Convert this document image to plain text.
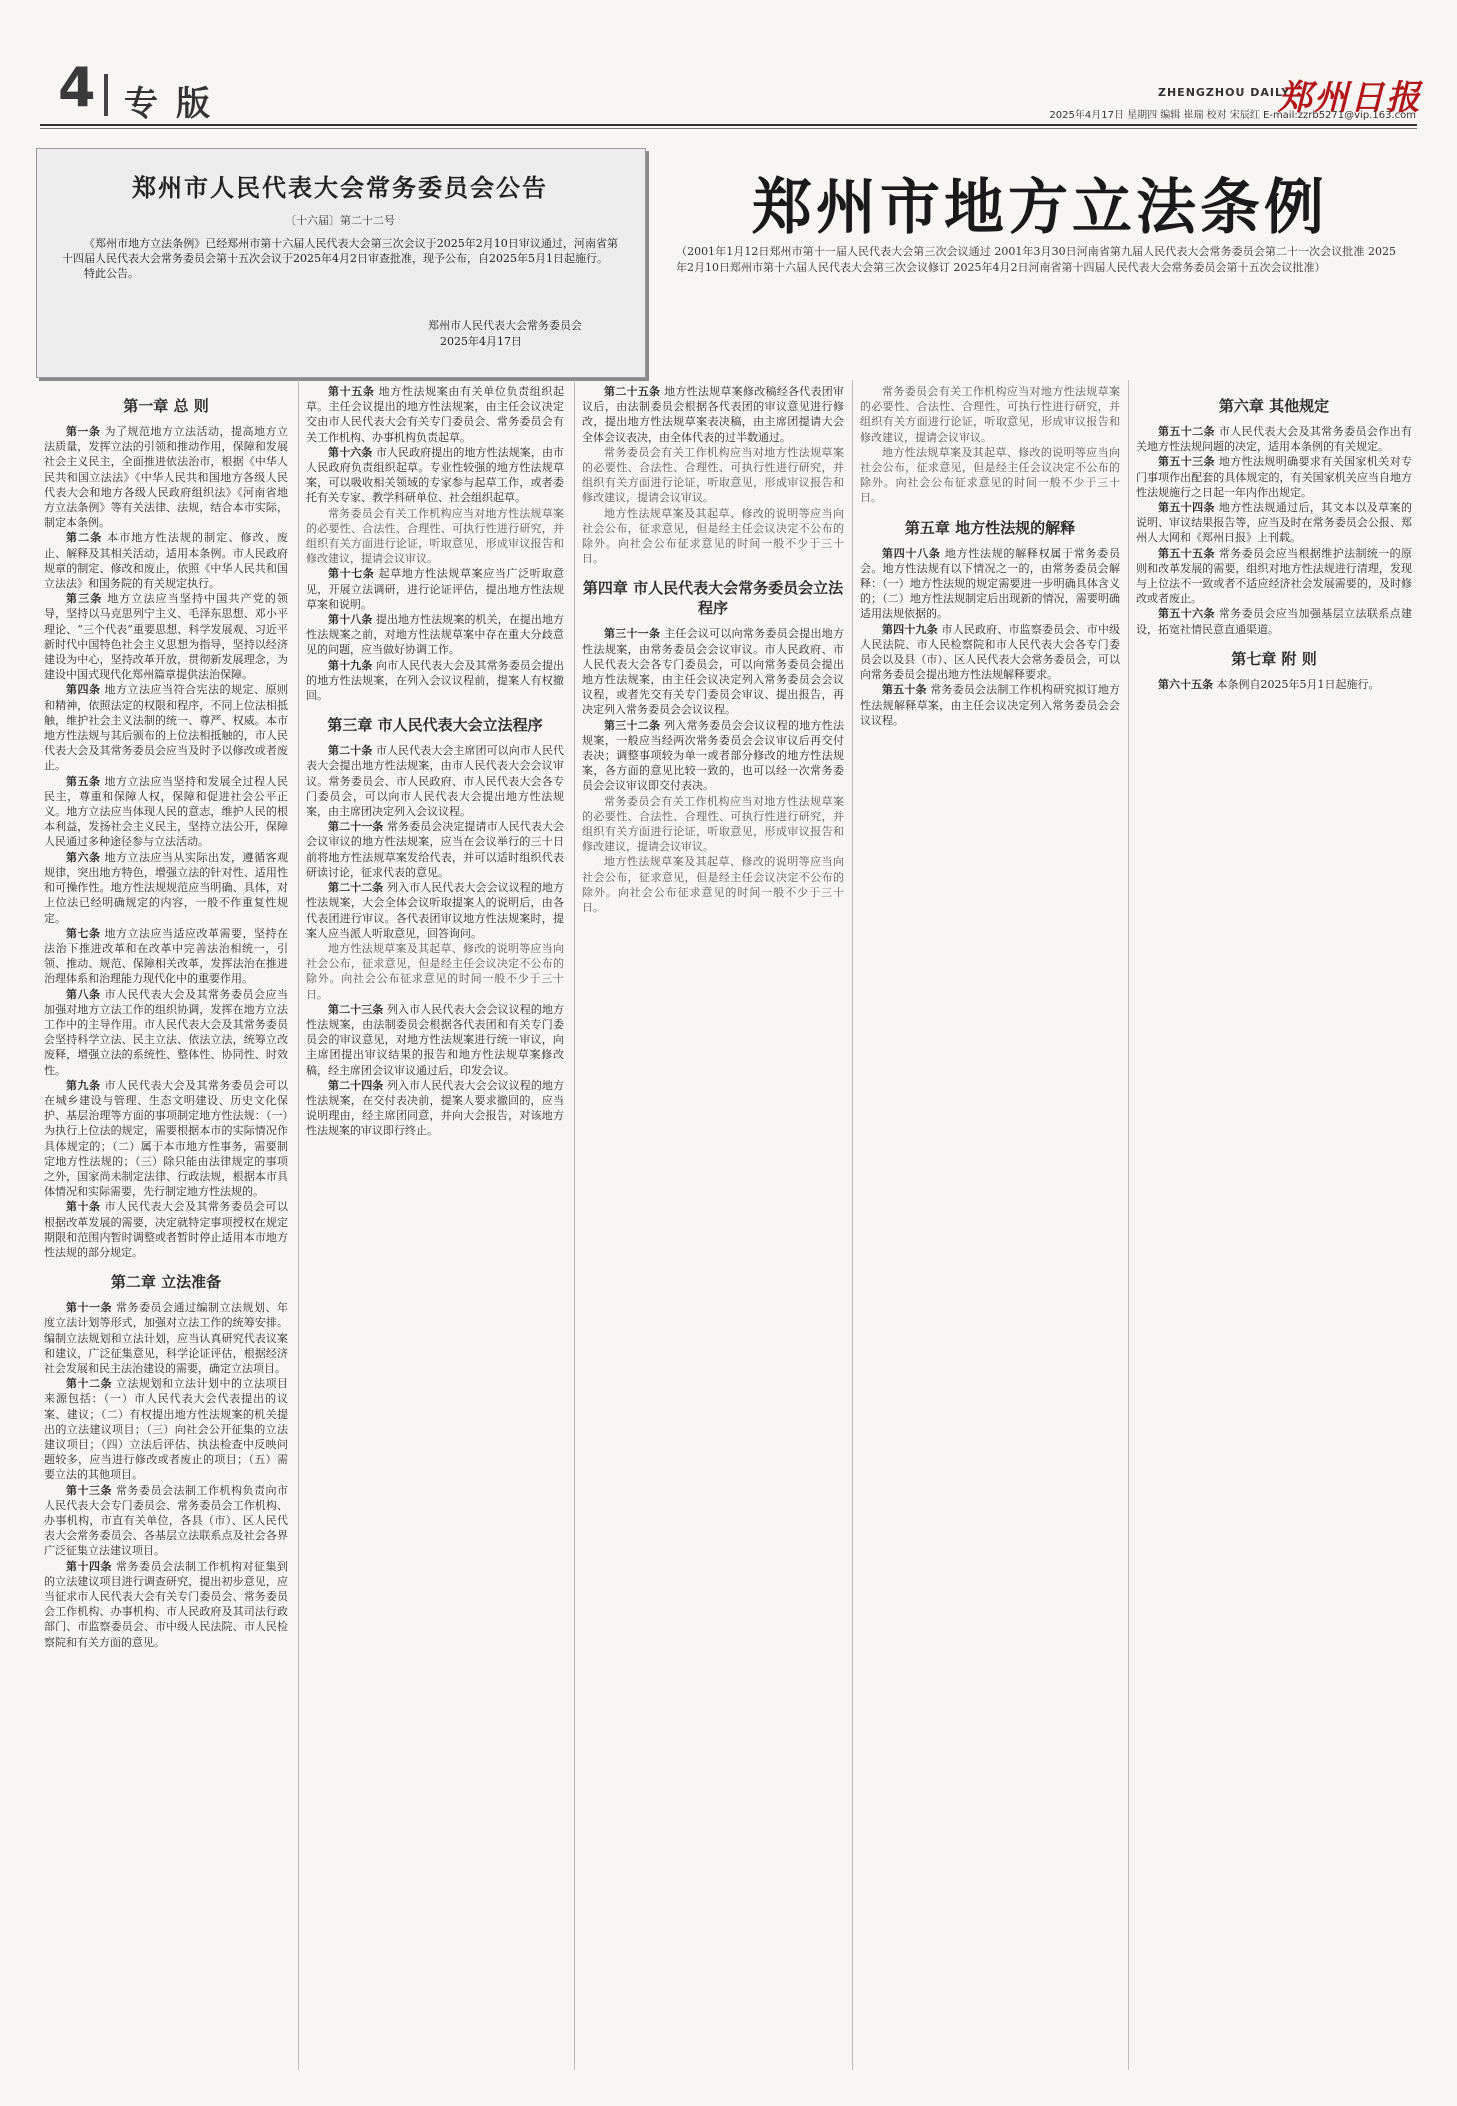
4 专版	ZHENGZHOU DAILY
郑州日报
2025年4月17日 星期四 编辑 崔瑞 校对 宋辰红 E-mail:zzrb5271@vip.163.com
郑州市人民代表大会常务委员会公告
〔十六届〕第二十二号
《郑州市地方立法条例》已经郑州市第十六届人民代表大会第三次会议于2025年2月10日审议通过，河南省第十四届人民代表大会常务委员会第十五次会议于2025年4月2日审查批准，现予公布，自2025年5月1日起施行。
特此公告。
郑州市人民代表大会常务委员会
2025年4月17日
郑州市地方立法条例
（2001年1月12日郑州市第十一届人民代表大会第三次会议通过 2001年3月30日河南省第九届人民代表大会常务委员会第二十一次会议批准 2025年2月10日郑州市第十六届人民代表大会第三次会议修订 2025年4月2日河南省第十四届人民代表大会常务委员会第十五次会议批准）
第一章 总 则

第一条 为了规范地方立法活动，提高地方立法质量，发挥立法的引领和推动作用，保障和发展社会主义民主，全面推进依法治市，根据《中华人民共和国立法法》《中华人民共和国地方各级人民代表大会和地方各级人民政府组织法》《河南省地方立法条例》等有关法律、法规，结合本市实际，制定本条例。

第二条 本市地方性法规的制定、修改、废止、解释及其相关活动，适用本条例。市人民政府规章的制定、修改和废止，依照《中华人民共和国立法法》和国务院的有关规定执行。

第三条 地方立法应当坚持中国共产党的领导，坚持以马克思列宁主义、毛泽东思想、邓小平理论、“三个代表”重要思想、科学发展观、习近平新时代中国特色社会主义思想为指导，坚持以经济建设为中心，坚持改革开放，贯彻新发展理念，为建设中国式现代化郑州篇章提供法治保障。

第四条 地方立法应当符合宪法的规定、原则和精神，依照法定的权限和程序，不同上位法相抵触，维护社会主义法制的统一、尊严、权威。本市地方性法规与其后颁布的上位法相抵触的，市人民代表大会及其常务委员会应当及时予以修改或者废止。

第五条 地方立法应当坚持和发展全过程人民民主，尊重和保障人权，保障和促进社会公平正义。地方立法应当体现人民的意志，维护人民的根本利益，发扬社会主义民主，坚持立法公开，保障人民通过多种途径参与立法活动。

第六条 地方立法应当从实际出发，遵循客观规律，突出地方特色，增强立法的针对性、适用性和可操作性。地方性法规规范应当明确、具体，对上位法已经明确规定的内容，一般不作重复性规定。

第七条 地方立法应当适应改革需要，坚持在法治下推进改革和在改革中完善法治相统一，引领、推动、规范、保障相关改革，发挥法治在推进治理体系和治理能力现代化中的重要作用。

第八条 市人民代表大会及其常务委员会应当加强对地方立法工作的组织协调，发挥在地方立法工作中的主导作用。市人民代表大会及其常务委员会坚持科学立法、民主立法、依法立法，统筹立改废释，增强立法的系统性、整体性、协同性、时效性。

第九条 市人民代表大会及其常务委员会可以在城乡建设与管理、生态文明建设、历史文化保护、基层治理等方面的事项制定地方性法规：（一）为执行上位法的规定，需要根据本市的实际情况作具体规定的；（二）属于本市地方性事务，需要制定地方性法规的；（三）除只能由法律规定的事项之外，国家尚未制定法律、行政法规，根据本市具体情况和实际需要，先行制定地方性法规的。

第十条 市人民代表大会及其常务委员会可以根据改革发展的需要，决定就特定事项授权在规定期限和范围内暂时调整或者暂时停止适用本市地方性法规的部分规定。

第二章 立法准备

第十一条 常务委员会通过编制立法规划、年度立法计划等形式，加强对立法工作的统筹安排。编制立法规划和立法计划，应当认真研究代表议案和建议，广泛征集意见，科学论证评估，根据经济社会发展和民主法治建设的需要，确定立法项目。

第十二条 立法规划和立法计划中的立法项目来源包括：（一）市人民代表大会代表提出的议案、建议；（二）有权提出地方性法规案的机关提出的立法建议项目；（三）向社会公开征集的立法建议项目；（四）立法后评估、执法检查中反映问题较多，应当进行修改或者废止的项目；（五）需要立法的其他项目。

第十三条 常务委员会法制工作机构负责向市人民代表大会专门委员会、常务委员会工作机构、办事机构，市直有关单位，各县（市）、区人民代表大会常务委员会、各基层立法联系点及社会各界广泛征集立法建议项目。

第十四条 常务委员会法制工作机构对征集到的立法建议项目进行调查研究，提出初步意见，应当征求市人民代表大会有关专门委员会、常务委员会工作机构、办事机构、市人民政府及其司法行政部门、市监察委员会、市中级人民法院、市人民检察院和有关方面的意见。

第十五条 地方性法规案由有关单位负责组织起草。主任会议提出的地方性法规案，由主任会议决定交由市人民代表大会有关专门委员会、常务委员会有关工作机构、办事机构负责起草。

第十六条 市人民政府提出的地方性法规案，由市人民政府负责组织起草。专业性较强的地方性法规草案，可以吸收相关领域的专家参与起草工作，或者委托有关专家、教学科研单位、社会组织起草。

常务委员会有关工作机构应当对地方性法规草案的必要性、合法性、合理性、可执行性进行研究，并组织有关方面进行论证，听取意见，形成审议报告和修改建议，提请会议审议。

第十七条 起草地方性法规草案应当广泛听取意见，开展立法调研，进行论证评估，提出地方性法规草案和说明。

第十八条 提出地方性法规案的机关，在提出地方性法规案之前，对地方性法规草案中存在重大分歧意见的问题，应当做好协调工作。

第十九条 向市人民代表大会及其常务委员会提出的地方性法规案，在列入会议议程前，提案人有权撤回。

第三章 市人民代表大会立法程序

第二十条 市人民代表大会主席团可以向市人民代表大会提出地方性法规案，由市人民代表大会会议审议。常务委员会、市人民政府、市人民代表大会各专门委员会，可以向市人民代表大会提出地方性法规案，由主席团决定列入会议议程。

第二十一条 常务委员会决定提请市人民代表大会会议审议的地方性法规案，应当在会议举行的三十日前将地方性法规草案发给代表，并可以适时组织代表研读讨论，征求代表的意见。

第二十二条 列入市人民代表大会会议议程的地方性法规案，大会全体会议听取提案人的说明后，由各代表团进行审议。各代表团审议地方性法规案时，提案人应当派人听取意见，回答询问。

地方性法规草案及其起草、修改的说明等应当向社会公布，征求意见，但是经主任会议决定不公布的除外。向社会公布征求意见的时间一般不少于三十日。

第二十三条 列入市人民代表大会会议议程的地方性法规案，由法制委员会根据各代表团和有关专门委员会的审议意见，对地方性法规案进行统一审议，向主席团提出审议结果的报告和地方性法规草案修改稿，经主席团会议审议通过后，印发会议。

第二十四条 列入市人民代表大会会议议程的地方性法规案，在交付表决前，提案人要求撤回的，应当说明理由，经主席团同意，并向大会报告，对该地方性法规案的审议即行终止。

第二十五条 地方性法规草案修改稿经各代表团审议后，由法制委员会根据各代表团的审议意见进行修改，提出地方性法规草案表决稿，由主席团提请大会全体会议表决，由全体代表的过半数通过。

常务委员会有关工作机构应当对地方性法规草案的必要性、合法性、合理性、可执行性进行研究，并组织有关方面进行论证，听取意见，形成审议报告和修改建议，提请会议审议。

地方性法规草案及其起草、修改的说明等应当向社会公布，征求意见，但是经主任会议决定不公布的除外。向社会公布征求意见的时间一般不少于三十日。

第四章 市人民代表大会常务委员会立法程序

第三十一条 主任会议可以向常务委员会提出地方性法规案，由常务委员会会议审议。市人民政府、市人民代表大会各专门委员会，可以向常务委员会提出地方性法规案，由主任会议决定列入常务委员会会议议程，或者先交有关专门委员会审议、提出报告，再决定列入常务委员会会议议程。

第三十二条 列入常务委员会会议议程的地方性法规案，一般应当经两次常务委员会会议审议后再交付表决；调整事项较为单一或者部分修改的地方性法规案，各方面的意见比较一致的，也可以经一次常务委员会会议审议即交付表决。

常务委员会有关工作机构应当对地方性法规草案的必要性、合法性、合理性、可执行性进行研究，并组织有关方面进行论证，听取意见，形成审议报告和修改建议，提请会议审议。

地方性法规草案及其起草、修改的说明等应当向社会公布，征求意见，但是经主任会议决定不公布的除外。向社会公布征求意见的时间一般不少于三十日。

常务委员会有关工作机构应当对地方性法规草案的必要性、合法性、合理性、可执行性进行研究，并组织有关方面进行论证，听取意见，形成审议报告和修改建议，提请会议审议。

地方性法规草案及其起草、修改的说明等应当向社会公布，征求意见，但是经主任会议决定不公布的除外。向社会公布征求意见的时间一般不少于三十日。

第五章 地方性法规的解释

第四十八条 地方性法规的解释权属于常务委员会。地方性法规有以下情况之一的，由常务委员会解释：（一）地方性法规的规定需要进一步明确具体含义的；（二）地方性法规制定后出现新的情况，需要明确适用法规依据的。

第四十九条 市人民政府、市监察委员会、市中级人民法院、市人民检察院和市人民代表大会各专门委员会以及县（市）、区人民代表大会常务委员会，可以向常务委员会提出地方性法规解释要求。

第五十条 常务委员会法制工作机构研究拟订地方性法规解释草案，由主任会议决定列入常务委员会会议议程。

第六章 其他规定

第五十二条 市人民代表大会及其常务委员会作出有关地方性法规问题的决定，适用本条例的有关规定。

第五十三条 地方性法规明确要求有关国家机关对专门事项作出配套的具体规定的，有关国家机关应当自地方性法规施行之日起一年内作出规定。

第五十四条 地方性法规通过后，其文本以及草案的说明、审议结果报告等，应当及时在常务委员会公报、郑州人大网和《郑州日报》上刊载。

第五十五条 常务委员会应当根据维护法制统一的原则和改革发展的需要，组织对地方性法规进行清理，发现与上位法不一致或者不适应经济社会发展需要的，及时修改或者废止。

第五十六条 常务委员会应当加强基层立法联系点建设，拓宽社情民意直通渠道。

第七章 附 则

第六十五条 本条例自2025年5月1日起施行。
